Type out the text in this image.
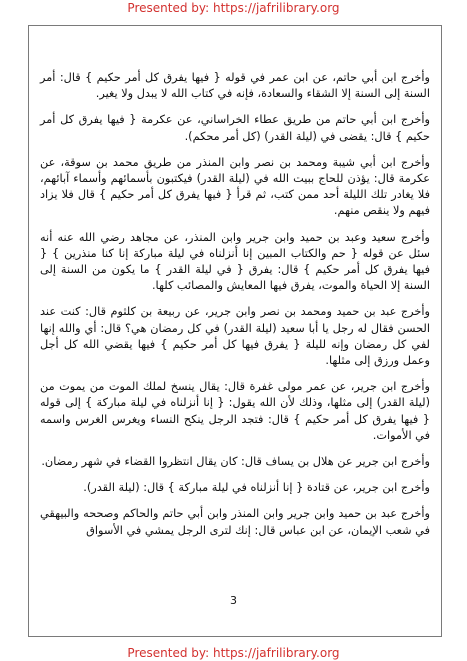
Presented by: https://jafrilibrary.org

وأخرج ابن أبي حاتم، عن ابن عمر في قوله { فيها يفرق كل أمر حكيم } قال: أمر السنة إلى السنة إلا الشقاء والسعادة، فإنه في كتاب الله لا يبدل ولا يغير.

وأخرج ابن أبي حاتم من طريق عطاء الخراساني، عن عكرمة { فيها يفرق كل أمر حكيم } قال: يقضى في (ليلة القدر) (كل أمر محكم).

وأخرج ابن أبي شيبة ومحمد بن نصر وابن المنذر من طريق محمد بن سوقة، عن عكرمة قال: يؤذن للحاج ببيت الله في (ليلة القدر) فيكتبون بأسمائهم وأسماء آبائهم، فلا يغادر تلك الليلة أحد ممن كتب، ثم قرأ { فيها يفرق كل أمر حكيم } قال فلا يزاد فيهم ولا ينقص منهم.

وأخرج سعيد وعبد بن حميد وابن جرير وابن المنذر، عن مجاهد رضي الله عنه أنه سئل عن قوله { حم والكتاب المبين إنا أنزلناه في ليلة مباركة إنا كنا منذرين } { فيها يفرق كل أمر حكيم } قال: يفرق { في ليلة القدر } ما يكون من السنة إلى السنة إلا الحياة والموت، يفرق فيها المعايش والمصائب كلها.

وأخرج عبد بن حميد ومحمد بن نصر وابن جرير، عن ربيعة بن كلثوم قال: كنت عند الحسن فقال له رجل يا أبا سعيد (ليلة القدر) في كل رمضان هي؟ قال: أي والله إنها لفي كل رمضان وإنه لليلة { يفرق فيها كل أمر حكيم } فيها يقضي الله كل أجل وعمل ورزق إلى مثلها.

وأخرج ابن جرير، عن عمر مولى غفرة قال: يقال ينسخ لملك الموت من يموت من (ليلة القدر) إلى مثلها، وذلك لأن الله يقول: { إنا أنزلناه في ليلة مباركة } إلى قوله { فيها يفرق كل أمر حكيم } قال: فتجد الرجل ينكح النساء ويغرس الغرس واسمه في الأموات.

وأخرج ابن جرير عن هلال بن يساف قال: كان يقال انتظروا القضاء في شهر رمضان.

وأخرج ابن جرير، عن قتادة { إنا أنزلناه في ليلة مباركة } قال: (ليلة القدر).

وأخرج عبد بن حميد وابن جرير وابن المنذر وابن أبي حاتم والحاكم وصححه والبيهقي في شعب الإيمان، عن ابن عباس قال: إنك لترى الرجل يمشي في الأسواق

3
Presented by: https://jafrilibrary.org
